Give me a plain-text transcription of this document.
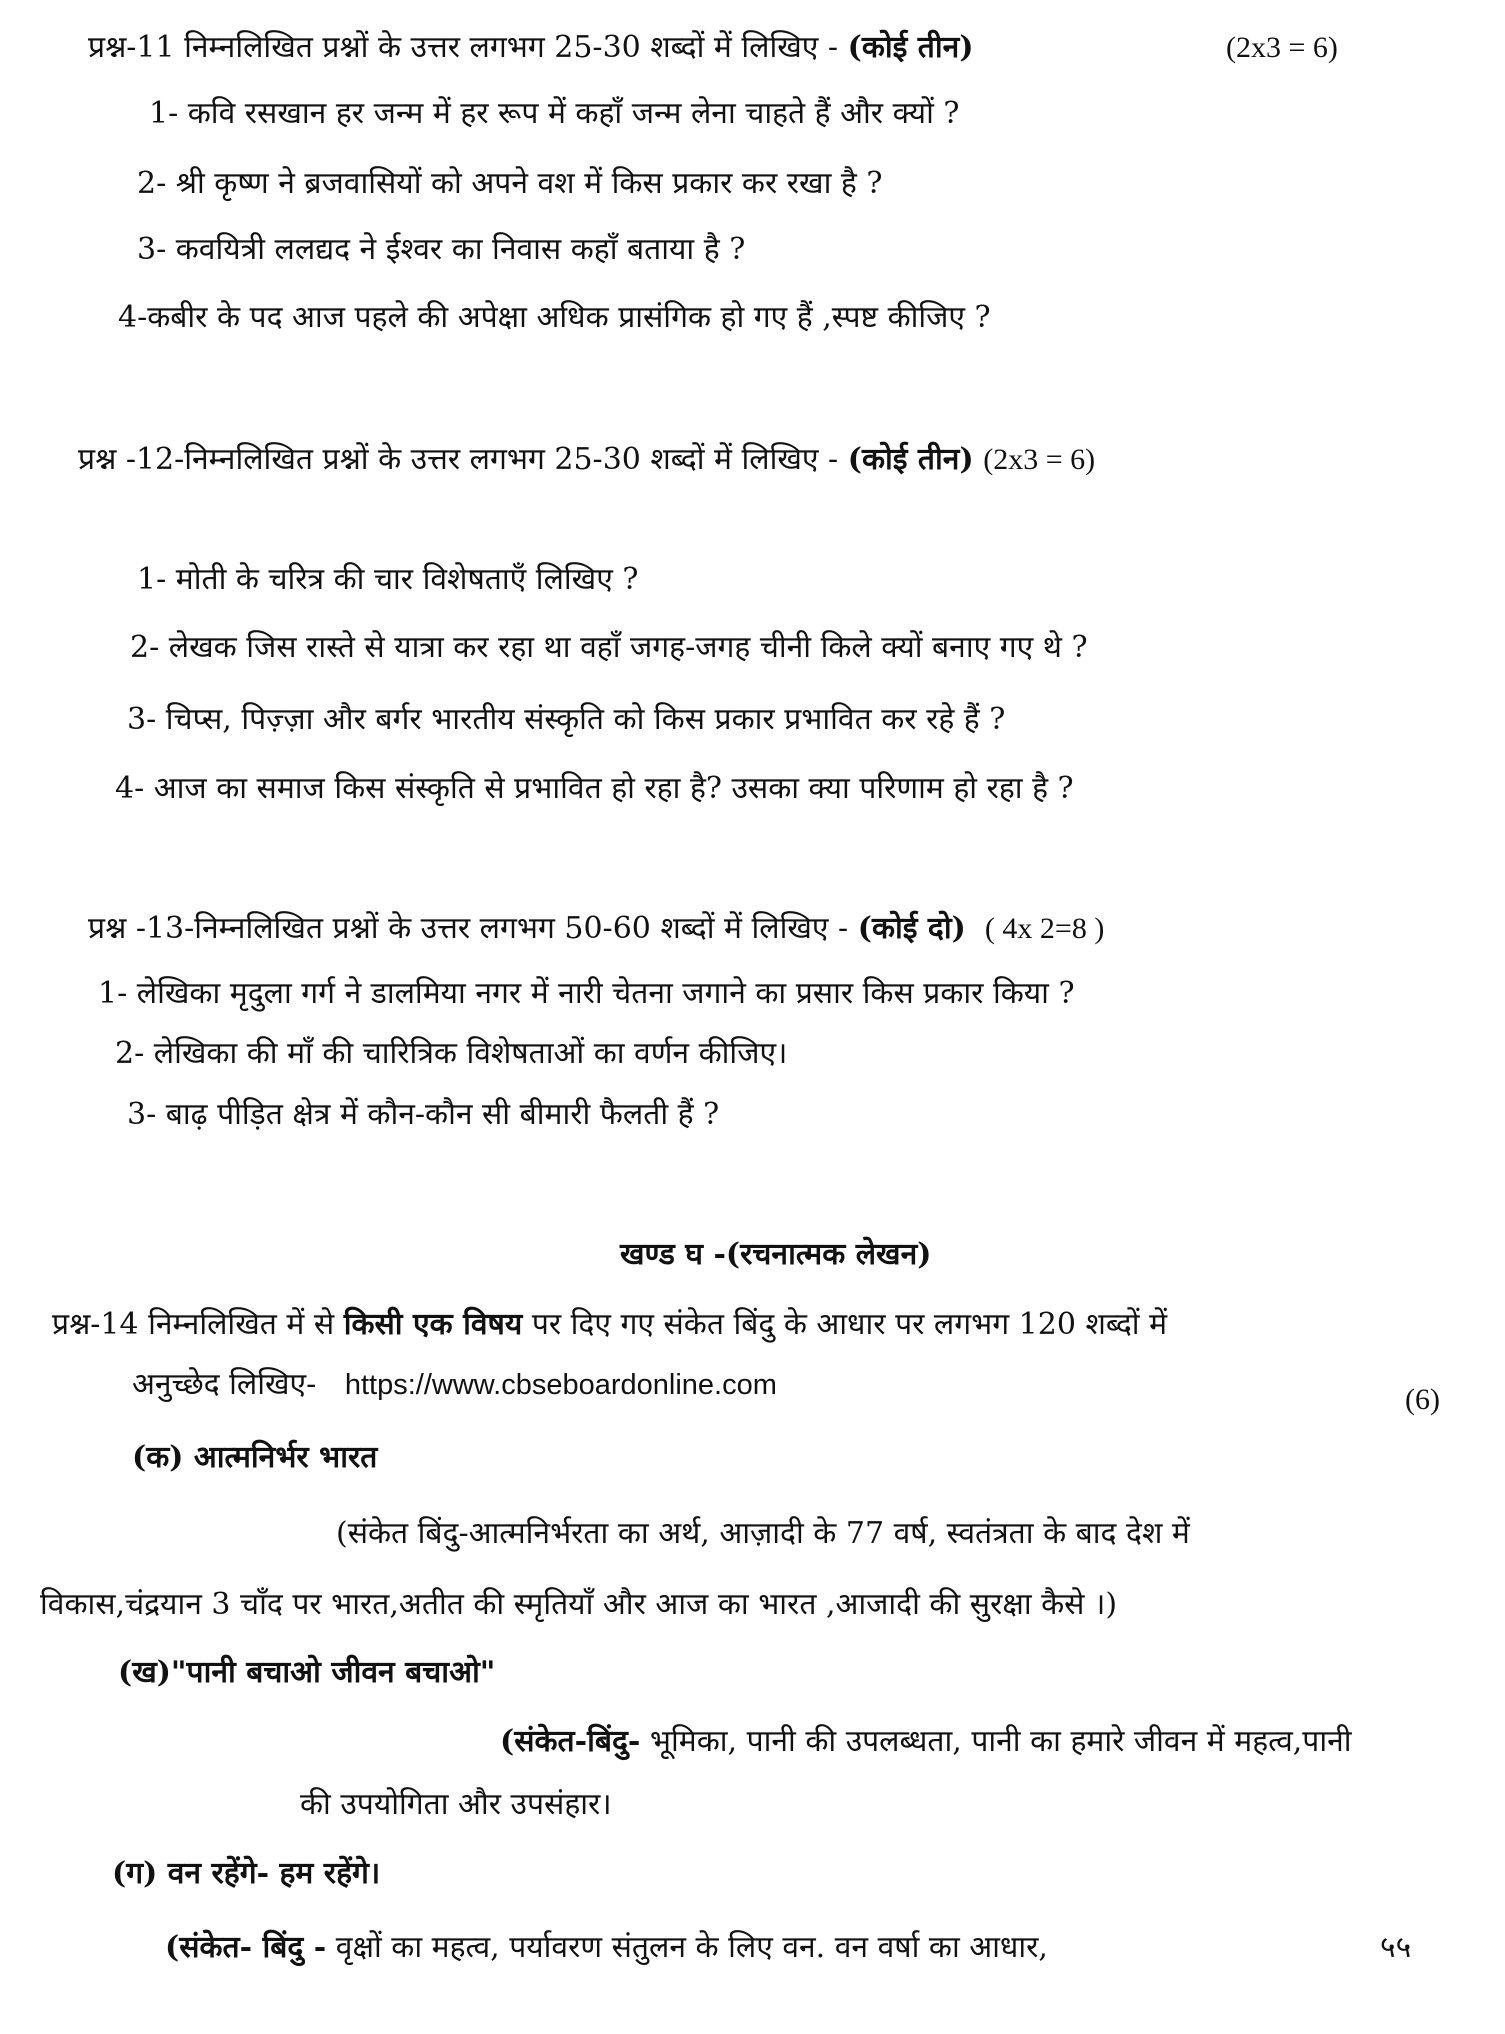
प्रश्न-11 निम्नलिखित प्रश्नों के उत्तर लगभग 25-30 शब्दों में लिखिए - (कोई तीन)	(2x3 = 6)
1- कवि रसखान हर जन्म में हर रूप में कहाँ जन्म लेना चाहते हैं और क्यों ?
2- श्री कृष्ण ने ब्रजवासियों को अपने वश में किस प्रकार कर रखा है ?
3- कवयित्री ललद्यद ने ईश्वर का निवास कहाँ बताया है ?
4-कबीर के पद आज पहले की अपेक्षा अधिक प्रासंगिक हो गए हैं ,स्पष्ट कीजिए ?
प्रश्न -12-निम्नलिखित प्रश्नों के उत्तर लगभग 25-30 शब्दों में लिखिए - (कोई तीन) (2x3 = 6)
1- मोती के चरित्र की चार विशेषताएँ लिखिए ?
2- लेखक जिस रास्ते से यात्रा कर रहा था वहाँ जगह-जगह चीनी किले क्यों बनाए गए थे ?
3- चिप्स, पिज़्ज़ा और बर्गर भारतीय संस्कृति को किस प्रकार प्रभावित कर रहे हैं ?
4- आज का समाज किस संस्कृति से प्रभावित हो रहा है? उसका क्या परिणाम हो रहा है ?
प्रश्न -13-निम्नलिखित प्रश्नों के उत्तर लगभग 50-60 शब्दों में लिखिए - (कोई दो) ( 4x 2=8 )
1- लेखिका मृदुला गर्ग ने डालमिया नगर में नारी चेतना जगाने का प्रसार किस प्रकार किया ?
2- लेखिका की माँ की चारित्रिक विशेषताओं का वर्णन कीजिए।
3- बाढ़ पीड़ित क्षेत्र में कौन-कौन सी बीमारी फैलती हैं ?
खण्ड घ -(रचनात्मक लेखन)
प्रश्न-14 निम्नलिखित में से किसी एक विषय पर दिए गए संकेत बिंदु के आधार पर लगभग 120 शब्दों में
अनुच्छेद लिखिए- https://www.cbseboardonline.com	(6)
(क) आत्मनिर्भर भारत
(संकेत बिंदु-आत्मनिर्भरता का अर्थ, आज़ादी के 77 वर्ष, स्वतंत्रता के बाद देश में
विकास,चंद्रयान 3 चाँद पर भारत,अतीत की स्मृतियाँ और आज का भारत ,आजादी की सुरक्षा कैसे ।)
(ख)"पानी बचाओ जीवन बचाओ"
(संकेत-बिंदु- भूमिका, पानी की उपलब्धता, पानी का हमारे जीवन में महत्व,पानी
की उपयोगिता और उपसंहार।
(ग) वन रहेंगे- हम रहेंगे।
(संकेत- बिंदु - वृक्षों का महत्व, पर्यावरण संतुलन के लिए वन. वन वर्षा का आधार,	५५
